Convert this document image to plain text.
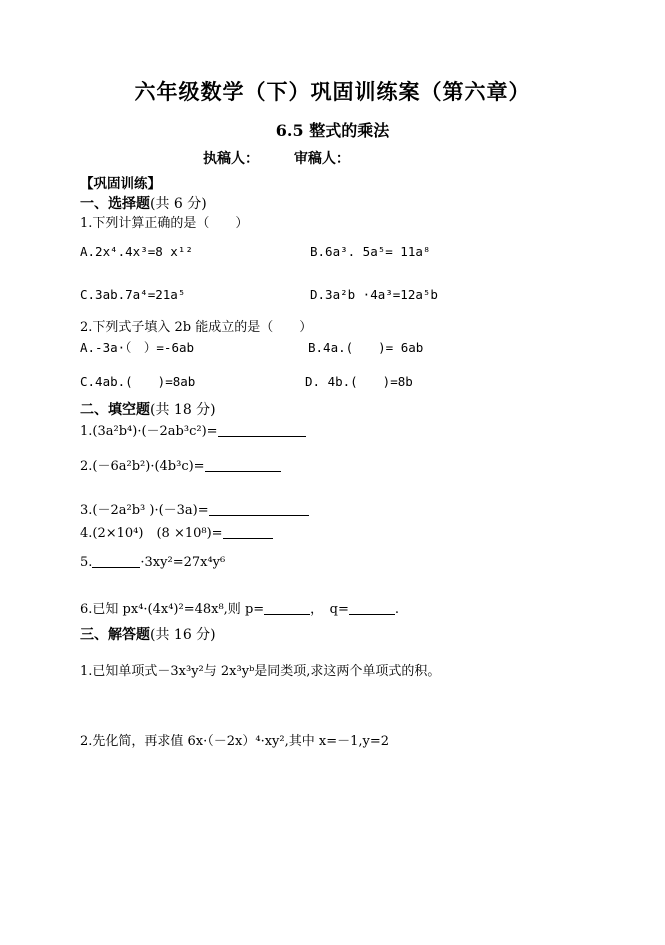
六年级数学（下）巩固训练案（第六章）
6.5 整式的乘法
执稿人： 审稿人：
【巩固训练】
一、选择题(共 6 分)
1.下列计算正确的是（　　）
A.2x⁴.4x³=8 x¹²	B.6a³. 5a⁵= 11a⁸
C.3ab.7a⁴=21a⁵	D.3a²b ·4a³=12a⁵b
2.下列式子填入 2b 能成立的是（　　）
A.-3a·（　）=-6ab	B.4a.(　　)= 6ab
C.4ab.(　　)=8ab	D. 4b.(　　)=8b
二、填空题(共 18 分)
1.(3a²b⁴)·(－2ab³c²)=
2.(－6a²b²)·(4b³c)=
3.(－2a²b³ )·(－3a)=
4.(2×10⁴)　(8 ×10⁸)=
5.	·3xy²=27x⁴y⁶
6.已知 px⁴·(4x⁴)²=48x⁸,则 p=	，　q=	.
三、解答题(共 16 分)
1.已知单项式－3x³y²与 2x³yᵇ是同类项,求这两个单项式的积。
2.先化简，再求值 6x·（－2x）⁴·xy²,其中 x=－1,y=2
